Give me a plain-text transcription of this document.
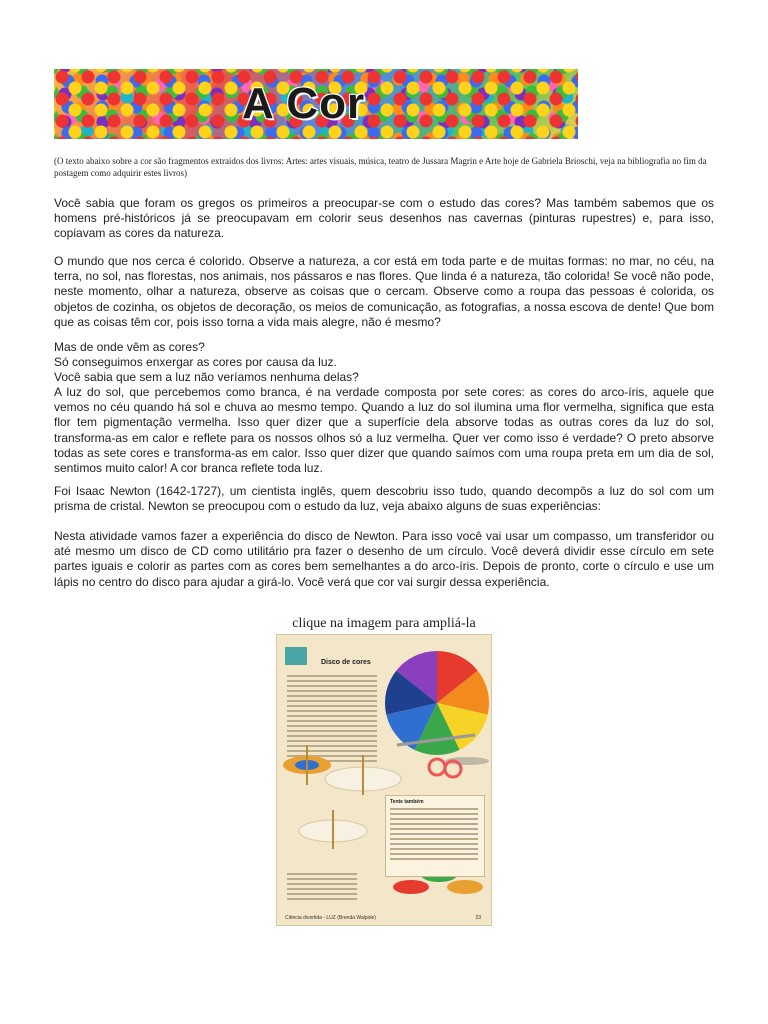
A Cor
(O texto abaixo sobre a cor são fragmentos extraídos dos livros: Artes: artes visuais, música, teatro de Jussara Magrin e Arte hoje de Gabriela Brioschi, veja na bibliografia no fim da postagem como adquirir estes livros)

Você sabia que foram os gregos os primeiros a preocupar-se com o estudo das cores? Mas também sabemos que os homens pré-históricos já se preocupavam em colorir seus desenhos nas cavernas (pinturas rupestres) e, para isso, copiavam as cores da natureza.

O mundo que nos cerca é colorido. Observe a natureza, a cor está em toda parte e de muitas formas: no mar, no céu, na terra, no sol, nas florestas, nos animais, nos pássaros e nas flores. Que linda é a natureza, tão colorida! Se você não pode, neste momento, olhar a natureza, observe as coisas que o cercam. Observe como a roupa das pessoas é colorida, os objetos de cozinha, os objetos de decoração, os meios de comunicação, as fotografias, a nossa escova de dente! Que bom que as coisas têm cor, pois isso torna a vida mais alegre, não é mesmo?

Mas de onde vêm as cores?

Só conseguimos enxergar as cores por causa da luz.

Você sabia que sem a luz não veríamos nenhuma delas?

A luz do sol, que percebemos como branca, é na verdade composta por sete cores: as cores do arco-íris, aquele que vemos no céu quando há sol e chuva ao mesmo tempo. Quando a luz do sol ilumina uma flor vermelha, significa que esta flor tem pigmentação vermelha. Isso quer dizer que a superfície dela absorve todas as outras cores da luz do sol, transforma-as em calor e reflete para os nossos olhos só a luz vermelha. Quer ver como isso é verdade? O preto absorve todas as sete cores e transforma-as em calor. Isso quer dizer que quando saímos com uma roupa preta em um dia de sol, sentimos muito calor! A cor branca reflete toda luz.

Foi Isaac Newton (1642-1727), um cientista inglês, quem descobriu isso tudo, quando decompôs a luz do sol com um prisma de cristal. Newton se preocupou com o estudo da luz, veja abaixo alguns de suas experiências:

Nesta atividade vamos fazer a experiência do disco de Newton. Para isso você vai usar um compasso, um transferidor ou até mesmo um disco de CD como utilitário pra fazer o desenho de um círculo. Você deverá dividir esse círculo em sete partes iguais e colorir as partes com as cores bem semelhantes a do arco-íris. Depois de pronto, corte o círculo e use um lápis no centro do disco para ajudar a girá-lo. Você verá que cor vai surgir dessa experiência.

clique na imagem para ampliá-la
Disco de cores
Tente também
Ciência divertida - LUZ (Brenda Walpole)	23
